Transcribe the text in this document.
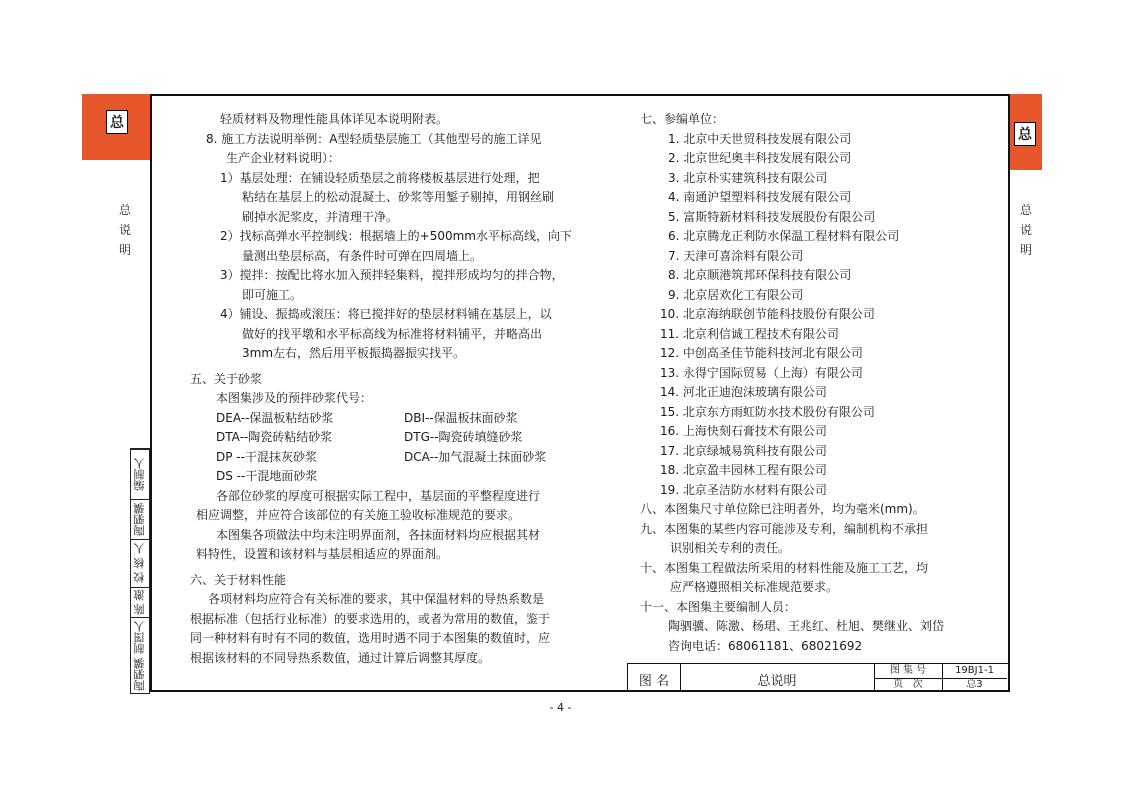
总
总
总
说
明
总
说
明
轻质材料及物理性能具体详见本说明附表。
8. 施工方法说明举例：A型轻质垫层施工（其他型号的施工详见
生产企业材料说明）：
1）基层处理：在铺设轻质垫层之前将楼板基层进行处理，把
粘结在基层上的松动混凝土、砂浆等用錾子剔掉，用钢丝刷
刷掉水泥浆皮，并清理干净。
2）找标高弹水平控制线：根据墙上的+500mm水平标高线，向下
量测出垫层标高，有条件时可弹在四周墙上。
3）搅拌：按配比将水加入预拌轻集料，搅拌形成均匀的拌合物，
即可施工。
4）铺设、振捣或滚压：将已搅拌好的垫层材料铺在基层上，以
做好的找平墩和水平标高线为标准将材料铺平，并略高出
3mm左右，然后用平板振捣器振实找平。
五、关于砂浆
本图集涉及的预拌砂浆代号：
DEA--保温板粘结砂浆	DBI--保温板抹面砂浆
DTA--陶瓷砖粘结砂浆	DTG--陶瓷砖填缝砂浆
DP --干混抹灰砂浆	DCA--加气混凝土抹面砂浆
DS --干混地面砂浆
各部位砂浆的厚度可根据实际工程中，基层面的平整程度进行
相应调整，并应符合该部位的有关施工验收标准规范的要求。
本图集各项做法中均未注明界面剂，各抹面材料均应根据其材
料特性，设置和该材料与基层相适应的界面剂。
六、关于材料性能
各项材料均应符合有关标准的要求，其中保温材料的导热系数是
根据标准（包括行业标准）的要求选用的，或者为常用的数值，鉴于
同一种材料有时有不同的数值，选用时遇不同于本图集的数值时，应
根据该材料的不同导热系数值，通过计算后调整其厚度。
七、参编单位：
1. 北京中天世贸科技发展有限公司
2. 北京世纪奥丰科技发展有限公司
3. 北京朴实建筑科技有限公司
4. 南通沪望塑料科技发展有限公司
5. 富斯特新材料科技发展股份有限公司
6. 北京腾龙正利防水保温工程材料有限公司
7. 天津可喜涂料有限公司
8. 北京顺港筑邦环保科技有限公司
9. 北京居欢化工有限公司
10. 北京海纳联创节能科技股份有限公司
11. 北京利信诚工程技术有限公司
12. 中创高圣佳节能科技河北有限公司
13. 永得宁国际贸易（上海）有限公司
14. 河北正迪泡沫玻璃有限公司
15. 北京东方雨虹防水技术股份有限公司
16. 上海快刻石膏技术有限公司
17. 北京绿城易筑科技有限公司
18. 北京盈丰园林工程有限公司
19. 北京圣洁防水材料有限公司
八、本图集尺寸单位除已注明者外，均为毫米(mm)。
九、本图集的某些内容可能涉及专利，编制机构不承担
识别相关专利的责任。
十、本图集工程做法所采用的材料性能及施工工艺，均
应严格遵照相关标准规范要求。
十一、本图集主要编制人员：
陶驷骥、陈激、杨珺、王兆红、杜旭、樊继业、刘岱
咨询电话：68061181、68021692
编制人
陶驷骥
校 核 人
陈 激
制图人
陶驷骥	图 名	总说明
图 集 号	19BJ1-1
页   次	总3
- 4 -
